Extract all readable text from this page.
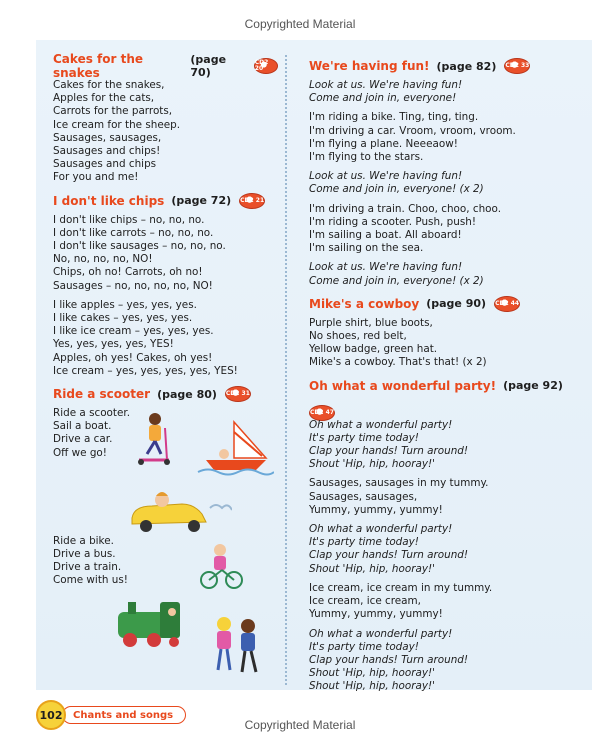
Copyrighted Material
Cakes for the snakes
(page 70)
CD2 20
Cakes for the snakes,
Apples for the cats,
Carrots for the parrots,
Ice cream for the sheep.
Sausages, sausages,
Sausages and chips!
Sausages and chips
For you and me!
I don't like chips (page 72) CD2 21
I don't like chips – no, no, no.
I don't like carrots – no, no, no.
I don't like sausages – no, no, no.
No, no, no, no, NO!
Chips, oh no! Carrots, oh no!
Sausages – no, no, no, no, NO!
I like apples – yes, yes, yes.
I like cakes – yes, yes, yes.
I like ice cream – yes, yes, yes.
Yes, yes, yes, yes, YES!
Apples, oh yes! Cakes, oh yes!
Ice cream – yes, yes, yes, yes, YES!
Ride a scooter (page 80) CD2 31
Ride a scooter.
Sail a boat.
Drive a car.
Off we go!
Ride a bike.
Drive a bus.
Drive a train.
Come with us!
We're having fun! (page 82) CD2 33
Look at us. We're having fun!
Come and join in, everyone!
I'm riding a bike. Ting, ting, ting.
I'm driving a car. Vroom, vroom, vroom.
I'm flying a plane. Neeeaow!
I'm flying to the stars.
Look at us. We're having fun!
Come and join in, everyone! (x 2)
I'm driving a train. Choo, choo, choo.
I'm riding a scooter. Push, push!
I'm sailing a boat. All aboard!
I'm sailing on the sea.
Look at us. We're having fun!
Come and join in, everyone! (x 2)
Mike's a cowboy (page 90) CD2 44
Purple shirt, blue boots,
No shoes, red belt,
Yellow badge, green hat.
Mike's a cowboy. That's that! (x 2)
Oh what a wonderful party! (page 92)
CD2 47
Oh what a wonderful party!
It's party time today!
Clap your hands! Turn around!
Shout 'Hip, hip, hooray!'
Sausages, sausages in my tummy.
Sausages, sausages,
Yummy, yummy, yummy!
Oh what a wonderful party!
It's party time today!
Clap your hands! Turn around!
Shout 'Hip, hip, hooray!'
Ice cream, ice cream in my tummy.
Ice cream, ice cream,
Yummy, yummy, yummy!
Oh what a wonderful party!
It's party time today!
Clap your hands! Turn around!
Shout 'Hip, hip, hooray!'
Shout 'Hip, hip, hooray!'
102	Chants and songs
Copyrighted Material
